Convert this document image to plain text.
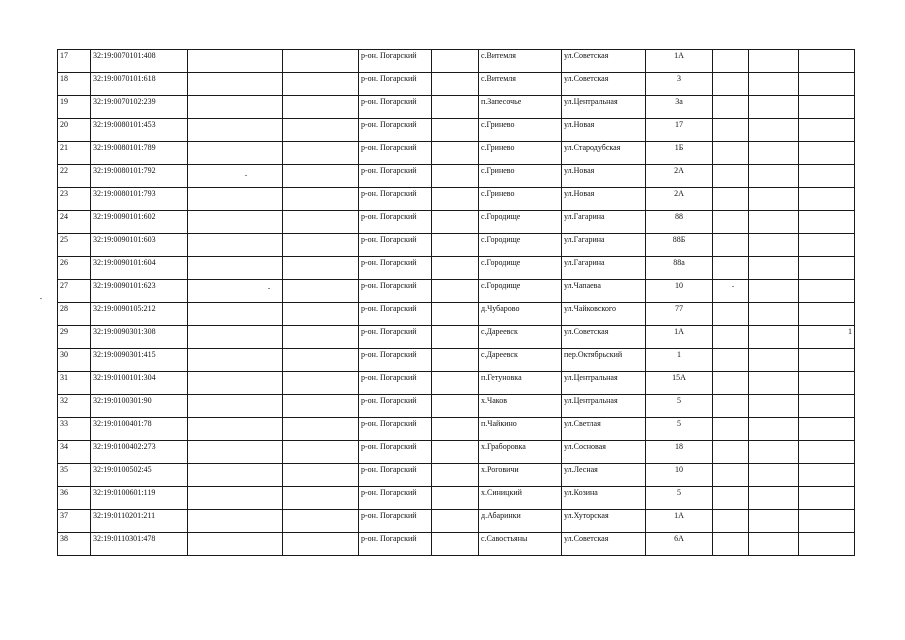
17	32:19:0070101:408			р-он. Погарский		с.Витемля	ул.Советская	1А			
18	32:19:0070101:618			р-он. Погарский		с.Витемля	ул.Советская	3			
19	32:19:0070102:239			р-он. Погарский		п.Запесочье	ул.Центральная	3а			
20	32:19:0080101:453			р-он. Погарский		с.Гринево	ул.Новая	17			
21	32:19:0080101:789			р-он. Погарский		с.Гринево	ул.Стародубская	1Б			
22	32:19:0080101:792			р-он. Погарский		с.Гринево	ул.Новая	2А			
23	32:19:0080101:793			р-он. Погарский		с.Гринево	ул.Новая	2А			
24	32:19:0090101:602			р-он. Погарский		с.Городище	ул.Гагарина	88			
25	32:19:0090101:603			р-он. Погарский		с.Городище	ул.Гагарина	88Б			
26	32:19:0090101:604			р-он. Погарский		с.Городище	ул.Гагарина	88а			
27	32:19:0090101:623			р-он. Погарский		с.Городище	ул.Чапаева	10			
28	32:19:0090105:212			р-он. Погарский		д.Чубарово	ул.Чайковского	77			
29	32:19:0090301:308			р-он. Погарский		с.Дареевск	ул.Советская	1А			1
30	32:19:0090301:415			р-он. Погарский		с.Дареевск	пер.Октябрьский	1			
31	32:19:0100101:304			р-он. Погарский		п.Гетуновка	ул.Центральная	15А			
32	32:19:0100301:90			р-он. Погарский		х.Чаков	ул.Центральная	5			
33	32:19:0100401:78			р-он. Погарский		п.Чайкино	ул.Светлая	5			
34	32:19:0100402:273			р-он. Погарский		х.Граборовка	ул.Сосновая	18			
35	32:19:0100502:45			р-он. Погарский		х.Роговичи	ул.Лесная	10			
36	32:19:0100601:119			р-он. Погарский		х.Синицкий	ул.Козина	5			
37	32:19:0110201:211			р-он. Погарский		д.Абаринки	ул.Хуторская	1А			
38	32:19:0110301:478			р-он. Погарский		с.Савостьяны	ул.Советская	6А			
